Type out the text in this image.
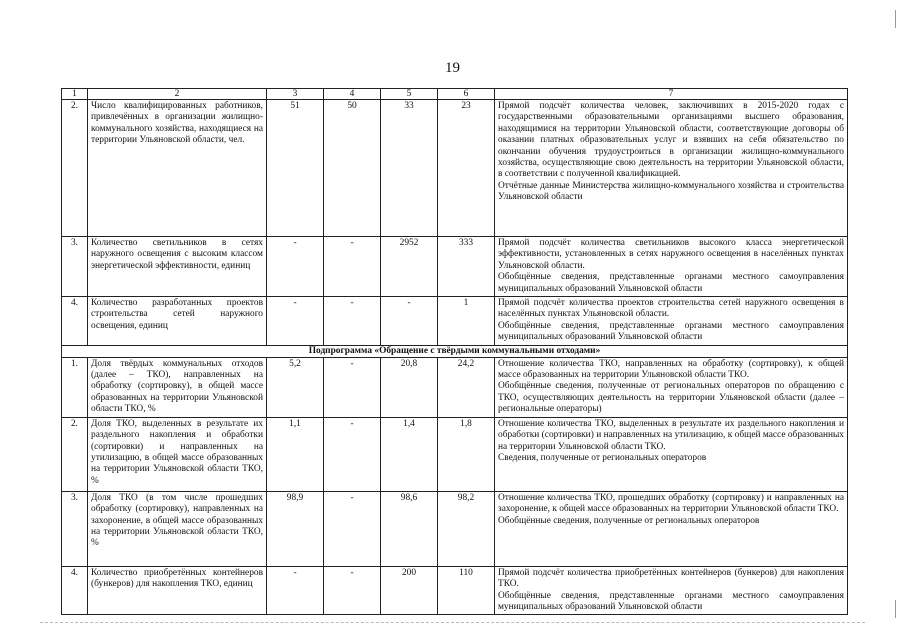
19
1	2	3	4	5	6	7
2.	Число квалифицированных работников, привлечённых в организации жилищно-коммунального хозяйства, находящиеся на территории Ульяновской области, чел.	51	50	33	23	Прямой подсчёт количества человек, заключивших в 2015-2020 годах с государственными образовательными организациями высшего образования, находящимися на территории Ульяновской области, соответствующие договоры об оказании платных образовательных услуг и взявших на себя обязательство по окончании обучения трудоустроиться в организации жилищно-коммунального хозяйства, осуществляющие свою деятельность на территории Ульяновской области, в соответствии с полученной квалификацией.
Отчётные данные Министерства жилищно-коммунального хозяйства и строительства Ульяновской области

3.	Количество светильников в сетях наружного освещения с высоким классом энергетической эффективности, единиц	-	-	2952	333	Прямой подсчёт количества светильников высокого класса энергетической эффективности, установленных в сетях наружного освещения в населённых пунктах Ульяновской области.
Обобщённые сведения, представленные органами местного самоуправления муниципальных образований Ульяновской области

4.	Количество разработанных проектов строительства сетей наружного освещения, единиц	-	-	-	1	Прямой подсчёт количества проектов строительства сетей наружного освещения в населённых пунктах Ульяновской области.
Обобщённые сведения, представленные органами местного самоуправления муниципальных образований Ульяновской области

Подпрограмма «Обращение с твёрдыми коммунальными отходами»						
1.	Доля твёрдых коммунальных отходов (далее – ТКО), направленных на обработку (сортировку), в общей массе образованных на территории Ульяновской области ТКО, %	5,2	-	20,8	24,2	Отношение количества ТКО, направленных на обработку (сортировку), к общей массе образованных на территории Ульяновской области ТКО.
Обобщённые сведения, полученные от региональных операторов по обращению с ТКО, осуществляющих деятельность на территории Ульяновской области (далее – региональные операторы)

2.	Доля ТКО, выделенных в результате их раздельного накопления и обработки (сортировки) и направленных на утилизацию, в общей массе образованных на территории Ульяновской области ТКО, %	1,1	-	1,4	1,8	Отношение количества ТКО, выделенных в результате их раздельного накопления и обработки (сортировки) и направленных на утилизацию, к общей массе образованных на территории Ульяновской области ТКО.
Сведения, полученные от региональных операторов

3.	Доля ТКО (в том числе прошедших обработку (сортировку), направленных на захоронение, в общей массе образованных на территории Ульяновской области ТКО, %	98,9	-	98,6	98,2	Отношение количества ТКО, прошедших обработку (сортировку) и направленных на захоронение, к общей массе образованных на территории Ульяновской области ТКО.
Обобщённые сведения, полученные от региональных операторов

4.	Количество приобретённых контейнеров (бункеров) для накопления ТКО, единиц	-	-	200	110	Прямой подсчёт количества приобретённых контейнеров (бункеров) для накопления ТКО.
Обобщённые сведения, представленные органами местного самоуправления муниципальных образований Ульяновской области
